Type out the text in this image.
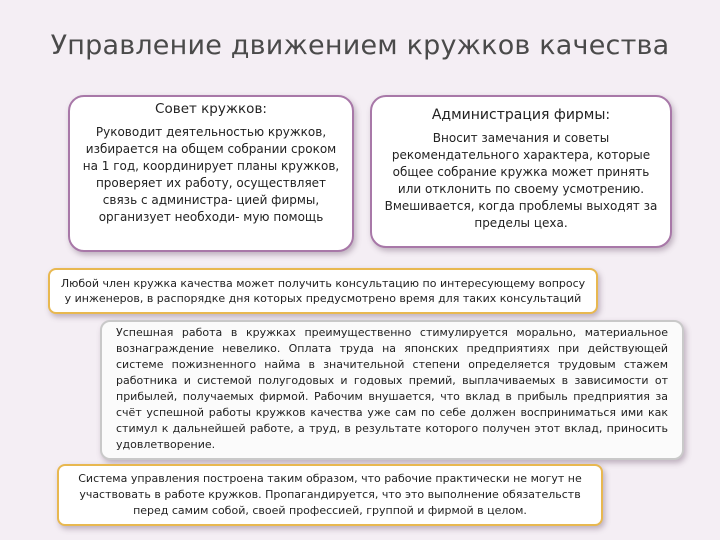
Управление движением кружков качества
Совет кружков:
Руководит деятельностью кружков, избирается на общем собрании сроком на 1 год, координирует планы кружков, проверяет их работу, осуществляет связь с администра- цией фирмы, организует необходи- мую помощь
Администрация фирмы:
Вносит замечания и советы рекомендательного характера, которые общее собрание кружка может принять или отклонить по своему усмотрению. Вмешивается, когда проблемы выходят за пределы цеха.
Любой член кружка качества может получить консультацию по интересующему вопросу у инженеров, в распорядке дня которых предусмотрено время для таких консультаций
Успешная работа в кружках преимущественно стимулируется морально, материальное вознаграждение невелико. Оплата труда на японских предприятиях при действующей системе пожизненного найма в значительной степени определяется трудовым стажем работника и системой полугодовых и годовых премий, выплачиваемых в зависимости от прибылей, получаемых фирмой. Рабочим внушается, что вклад в прибыль предприятия за счёт успешной работы кружков качества уже сам по себе должен восприниматься ими как стимул к дальнейшей работе, а труд, в результате которого получен этот вклад, приносить удовлетворение.
Система управления построена таким образом, что рабочие практически не могут не участвовать в работе кружков. Пропагандируется, что это выполнение обязательств перед самим собой, своей профессией, группой и фирмой в целом.
